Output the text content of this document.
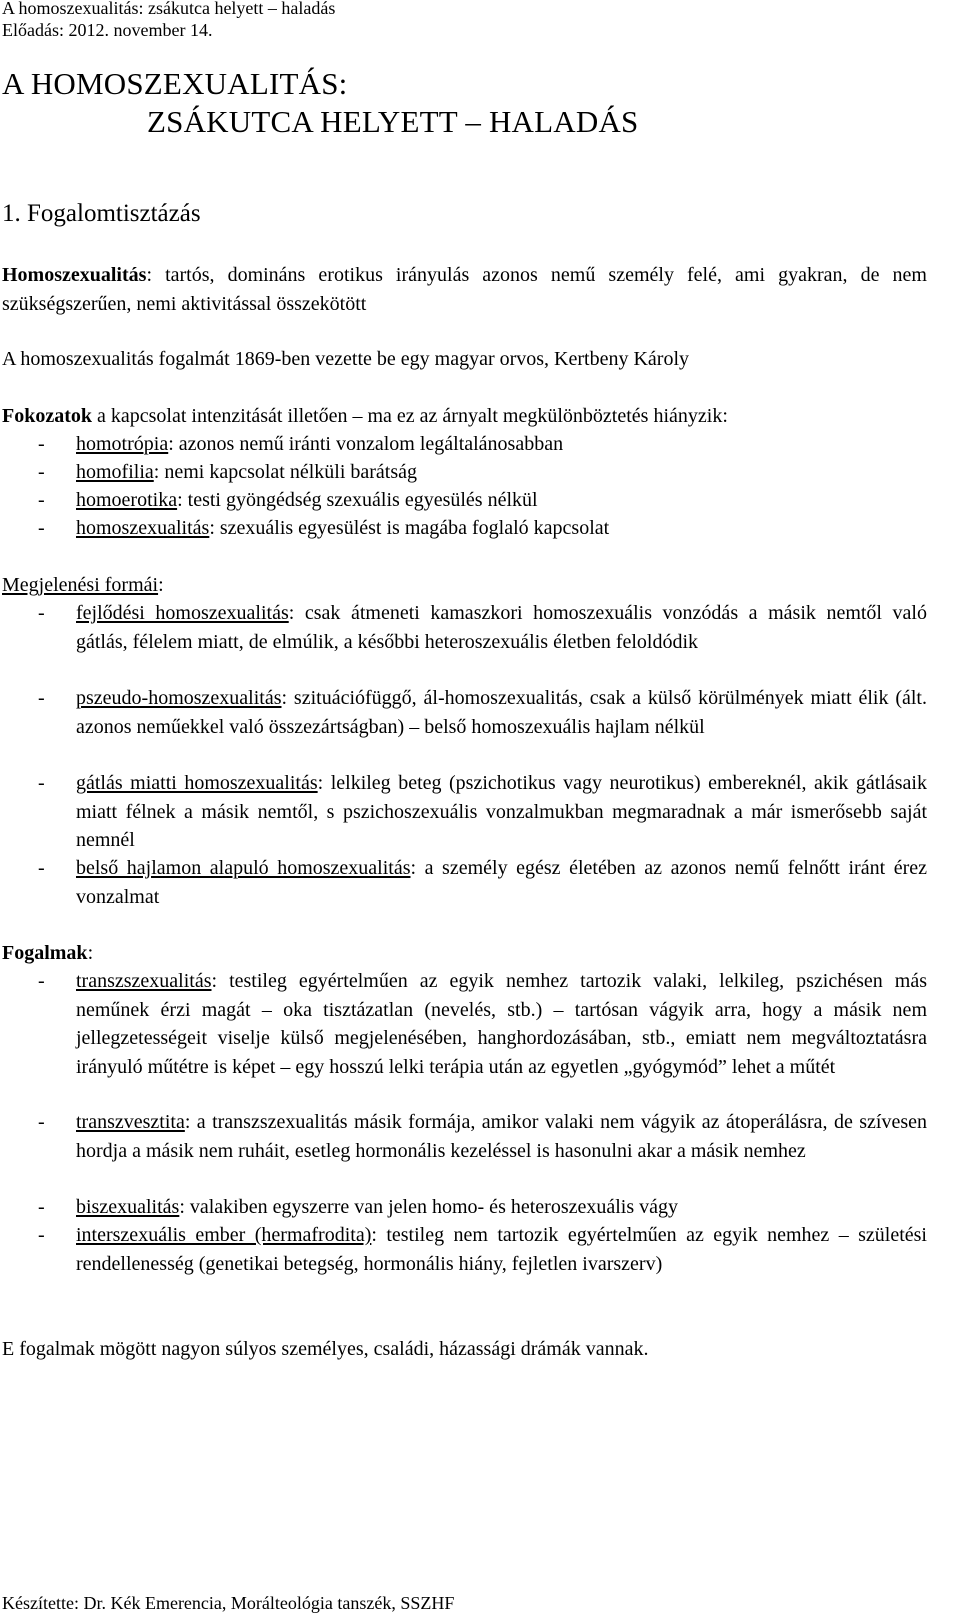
A homoszexualitás: zsákutca helyett – haladás
Előadás: 2012. november 14.
A HOMOSZEXUALITÁS:
ZSÁKUTCA HELYETT – HALADÁS
1. Fogalomtisztázás
Homoszexualitás: tartós, domináns erotikus irányulás azonos nemű személy felé, ami gyakran, de nem szükségszerűen, nemi aktivitással összekötött
A homoszexualitás fogalmát 1869-ben vezette be egy magyar orvos, Kertbeny Károly
Fokozatok a kapcsolat intenzitását illetően – ma ez az árnyalt megkülönböztetés hiányzik:
- homotrópia: azonos nemű iránti vonzalom legáltalánosabban
- homofilia: nemi kapcsolat nélküli barátság
- homoerotika: testi gyöngédség szexuális egyesülés nélkül
- homoszexualitás: szexuális egyesülést is magába foglaló kapcsolat
Megjelenési formái:
- fejlődési homoszexualitás: csak átmeneti kamaszkori homoszexuális vonzódás a másik nemtől való gátlás, félelem miatt, de elmúlik, a későbbi heteroszexuális életben feloldódik
- pszeudo-homoszexualitás: szituációfüggő, ál-homoszexualitás, csak a külső körülmények miatt élik (ált. azonos neműekkel való összezártságban) – belső homoszexuális hajlam nélkül
- gátlás miatti homoszexualitás: lelkileg beteg (pszichotikus vagy neurotikus) embereknél, akik gátlásaik miatt félnek a másik nemtől, s pszichoszexuális vonzalmukban megmaradnak a már ismerősebb saját nemnél
- belső hajlamon alapuló homoszexualitás: a személy egész életében az azonos nemű felnőtt iránt érez vonzalmat
Fogalmak:
- transzszexualitás: testileg egyértelműen az egyik nemhez tartozik valaki, lelkileg, pszichésen más neműnek érzi magát – oka tisztázatlan (nevelés, stb.) – tartósan vágyik arra, hogy a másik nem jellegzetességeit viselje külső megjelenésében, hanghordozásában, stb., emiatt nem megváltoztatásra irányuló műtétre is képet – egy hosszú lelki terápia után az egyetlen „gyógymód” lehet a műtét
- transzvesztita: a transzszexualitás másik formája, amikor valaki nem vágyik az átoperálásra, de szívesen hordja a másik nem ruháit, esetleg hormonális kezeléssel is hasonulni akar a másik nemhez
- biszexualitás: valakiben egyszerre van jelen homo- és heteroszexuális vágy
- interszexuális ember (hermafrodita): testileg nem tartozik egyértelműen az egyik nemhez – születési rendellenesség (genetikai betegség, hormonális hiány, fejletlen ivarszerv)
E fogalmak mögött nagyon súlyos személyes, családi, házassági drámák vannak.
Készítette: Dr. Kék Emerencia, Morálteológia tanszék, SSZHF
